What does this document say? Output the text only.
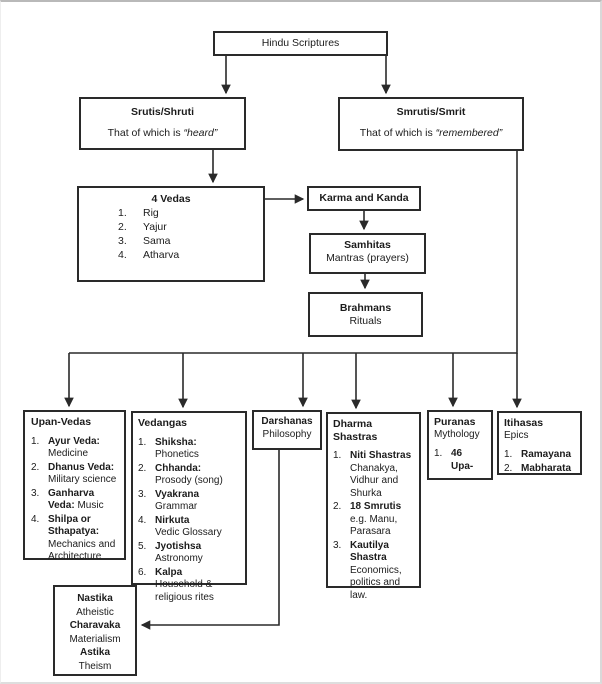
Hindu Scriptures
Srutis/Shruti
That of which is “heard”
Smrutis/Smrit
That of which is “remembered”
4 Vedas
1.	Rig
2.	Yajur
3.	Sama
4.	Atharva
Karma and Kanda
Samhitas
Mantras (prayers)
Brahmans
Rituals
Upan-Vedas
1. Ayur Veda:
Medicine
2. Dhanus Veda:
Military science
3. Ganharva Veda: Music
4. Shilpa or Sthapatya:
Mechanics and Architecture
Vedangas
1. Shiksha: Phonetics
2. Chhanda:
Prosody (song)
3. Vyakrana
Grammar
4. Nirkuta
Vedic Glossary
5. Jyotishsa
Astronomy
6. Kalpa
Household & religious rites
Darshanas
Philosophy
Dharma Shastras
1. Niti Shastras
Chanakya, Vidhur and Shurka
2. 18 Smrutis
e.g. Manu, Parasara
3. Kautilya Shastra
Economics, politics and law.
Puranas
Mythology
1. 46
Upa-
Itihasas
Epics
1. Ramayana
2. Mabharata
Nastika
Atheistic
Charavaka
Materialism
Astika
Theism
